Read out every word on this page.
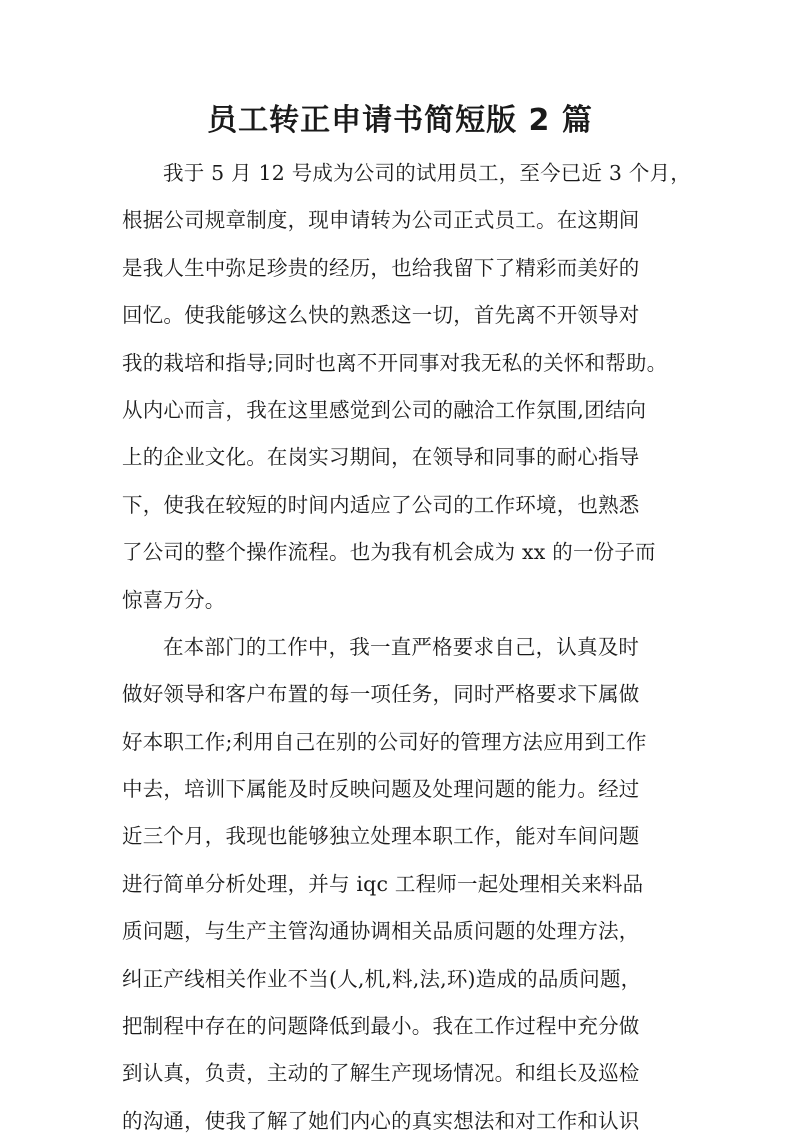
员工转正申请书简短版 2 篇
我于 5 月 12 号成为公司的试用员工，至今已近 3 个月，
根据公司规章制度，现申请转为公司正式员工。在这期间
是我人生中弥足珍贵的经历，也给我留下了精彩而美好的
回忆。使我能够这么快的熟悉这一切，首先离不开领导对
我的栽培和指导;同时也离不开同事对我无私的关怀和帮助。
从内心而言，我在这里感觉到公司的融洽工作氛围,团结向
上的企业文化。在岗实习期间，在领导和同事的耐心指导
下，使我在较短的时间内适应了公司的工作环境，也熟悉
了公司的整个操作流程。也为我有机会成为 xx 的一份子而
惊喜万分。
在本部门的工作中，我一直严格要求自己，认真及时
做好领导和客户布置的每一项任务，同时严格要求下属做
好本职工作;利用自己在别的公司好的管理方法应用到工作
中去，培训下属能及时反映问题及处理问题的能力。经过
近三个月，我现也能够独立处理本职工作，能对车间问题
进行简单分析处理，并与 iqc 工程师一起处理相关来料品
质问题，与生产主管沟通协调相关品质问题的处理方法，
纠正产线相关作业不当(人,机,料,法,环)造成的品质问题，
把制程中存在的问题降低到最小。我在工作过程中充分做
到认真，负责，主动的了解生产现场情况。和组长及巡检
的沟通，使我了解了她们内心的真实想法和对工作和认识
